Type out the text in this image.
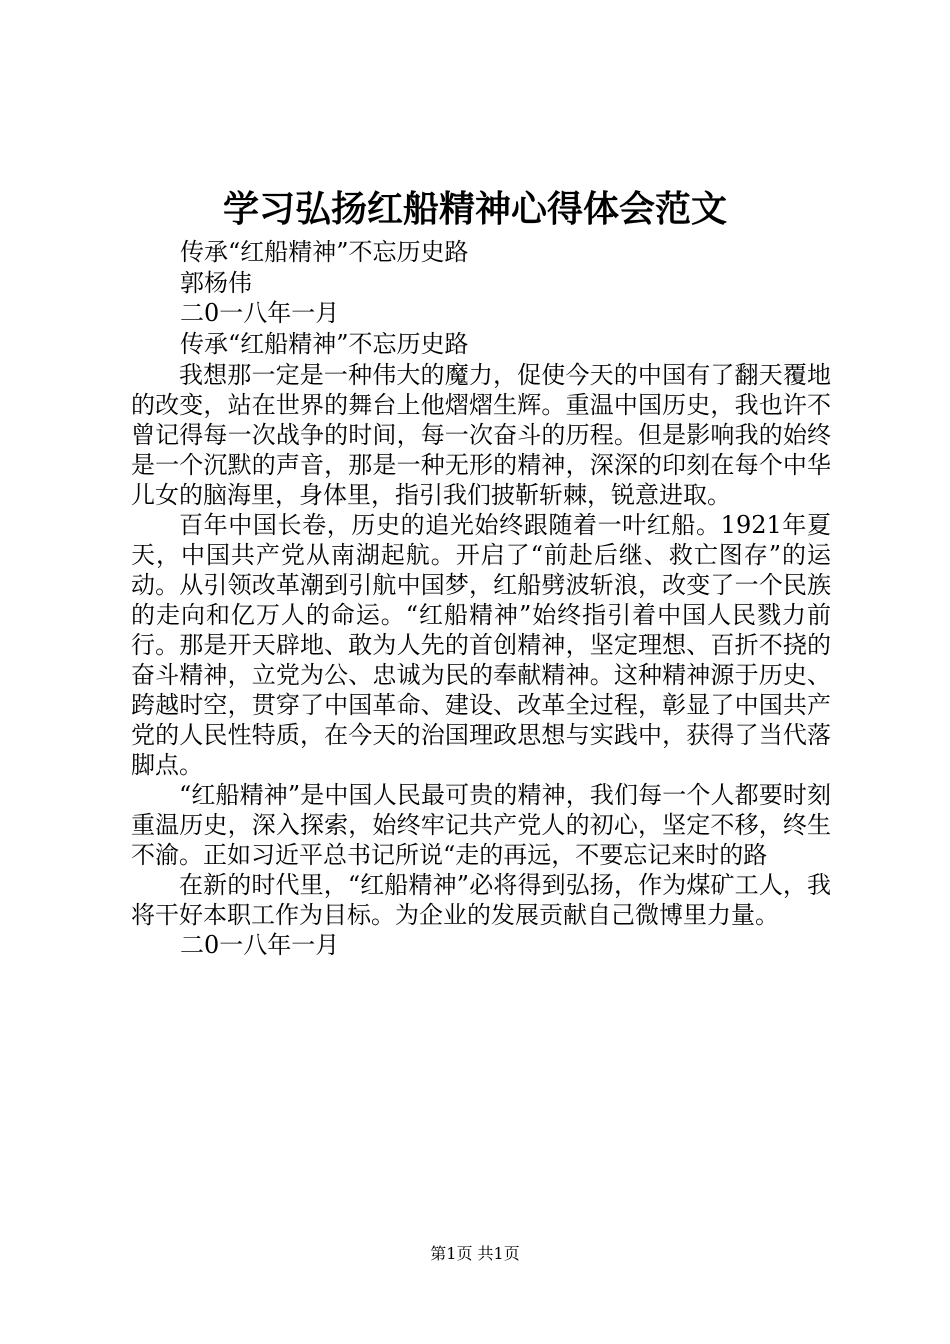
学习弘扬红船精神心得体会范文

传承“红船精神”不忘历史路

郭杨伟

二0一八年一月

传承“红船精神”不忘历史路

我想那一定是一种伟大的魔力，促使今天的中国有了翻天覆地的改变，站在世界的舞台上他熠熠生辉。重温中国历史，我也许不曾记得每一次战争的时间，每一次奋斗的历程。但是影响我的始终是一个沉默的声音，那是一种无形的精神，深深的印刻在每个中华儿女的脑海里，身体里，指引我们披靳斩棘，锐意进取。

百年中国长卷，历史的追光始终跟随着一叶红船。1921年夏天，中国共产党从南湖起航。开启了“前赴后继、救亡图存”的运动。从引领改革潮到引航中国梦，红船劈波斩浪，改变了一个民族的走向和亿万人的命运。“红船精神”始终指引着中国人民戮力前行。那是开天辟地、敢为人先的首创精神，坚定理想、百折不挠的奋斗精神，立党为公、忠诚为民的奉献精神。这种精神源于历史、跨越时空，贯穿了中国革命、建设、改革全过程，彰显了中国共产党的人民性特质，在今天的治国理政思想与实践中，获得了当代落脚点。

“红船精神”是中国人民最可贵的精神，我们每一个人都要时刻重温历史，深入探索，始终牢记共产党人的初心，坚定不移，终生不渝。正如习近平总书记所说“走的再远，不要忘记来时的路

在新的时代里，“红船精神”必将得到弘扬，作为煤矿工人，我将干好本职工作为目标。为企业的发展贡献自己微博里力量。

二0一八年一月

第1页 共1页
